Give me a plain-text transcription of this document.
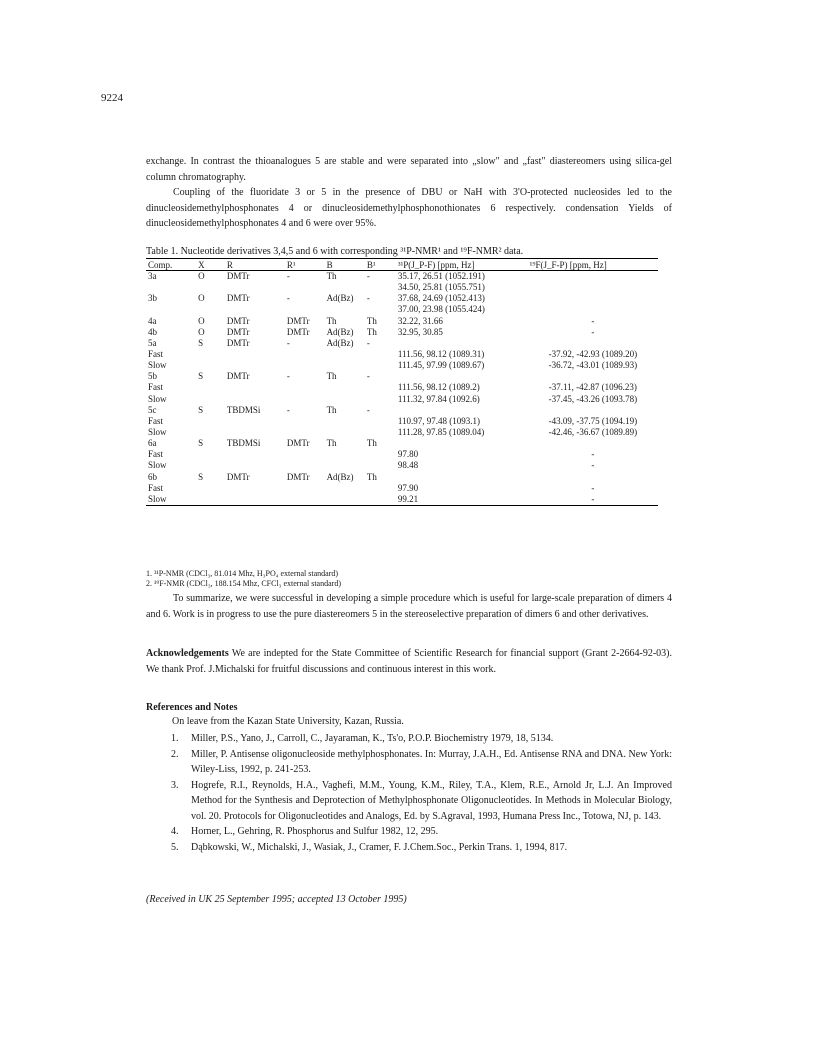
9224

exchange. In contrast the thioanalogues 5 are stable and were separated into „slow" and „fast" diastereomers using silica-gel column chromatography.

Coupling of the fluoridate 3 or 5 in the presence of DBU or NaH with 3'O-protected nucleosides led to the dinucleosidemethylphosphonates 4 or dinucleosidemethylphosphonothionates 6 respectively. condensation Yields of dinucleosidemethylphosphonates 4 and 6 were over 95%.

Table 1. Nucleotide derivatives 3,4,5 and 6 with corresponding ³¹P-NMR¹ and ¹⁹F-NMR² data.
Comp.	X	R	R¹	B	B¹	³¹P(J_P-F) [ppm, Hz]	¹⁹F(J_F-P) [ppm, Hz]
3a	O	DMTr	-	Th	-	35.17, 26.51 (1052.191)	
						34.50, 25.81 (1055.751)	
3b	O	DMTr	-	Ad(Bz)	-	37.68, 24.69 (1052.413)	
						37.00, 23.98 (1055.424)	
4a	O	DMTr	DMTr	Th	Th	32.22, 31.66	-
4b	O	DMTr	DMTr	Ad(Bz)	Th	32.95, 30.85	-
5a	S	DMTr	-	Ad(Bz)	-		
Fast						111.56, 98.12 (1089.31)	-37.92, -42.93 (1089.20)
Slow						111.45, 97.99 (1089.67)	-36.72, -43.01 (1089.93)
5b	S	DMTr	-	Th	-		
Fast						111.56, 98.12 (1089.2)	-37.11, -42.87 (1096.23)
Slow						111.32, 97.84 (1092.6)	-37.45, -43.26 (1093.78)
5c	S	TBDMSi	-	Th	-		
Fast						110.97, 97.48 (1093.1)	-43.09, -37.75 (1094.19)
Slow						111.28, 97.85 (1089.04)	-42.46, -36.67 (1089.89)
6a	S	TBDMSi	DMTr	Th	Th		
Fast						97.80	-
Slow						98.48	-
6b	S	DMTr	DMTr	Ad(Bz)	Th		
Fast						97.90	-
Slow						99.21	-
1. ³¹P-NMR (CDCl₃, 81.014 Mhz, H₃PO₄ external standard)
2. ¹⁹F-NMR (CDCl₃, 188.154 Mhz, CFCl₃ external standard)

To summarize, we were successful in developing a simple procedure which is useful for large-scale preparation of dimers 4 and 6. Work is in progress to use the pure diastereomers 5 in the stereoselective preparation of dimers 6 and other derivatives.

Acknowledgements We are indepted for the State Committee of Scientific Research for financial support (Grant 2-2664-92-03). We thank Prof. J.Michalski for fruitful discussions and continuous interest in this work.

References and Notes
On leave from the Kazan State University, Kazan, Russia.
1.	Miller, P.S., Yano, J., Carroll, C., Jayaraman, K., Ts'o, P.O.P. Biochemistry 1979, 18, 5134.
2.	Miller, P. Antisense oligonucleoside methylphosphonates. In: Murray, J.A.H., Ed. Antisense RNA and DNA. New York: Wiley-Liss, 1992, p. 241-253.
3.	Hogrefe, R.I., Reynolds, H.A., Vaghefi, M.M., Young, K.M., Riley, T.A., Klem, R.E., Arnold Jr, L.J. An Improved Method for the Synthesis and Deprotection of Methylphosphonate Oligonucleotides. In Methods in Molecular Biology, vol. 20. Protocols for Oligonucleotides and Analogs, Ed. by S.Agraval, 1993, Humana Press Inc., Totowa, NJ, p. 143.
4.	Horner, L., Gehring, R. Phosphorus and Sulfur 1982, 12, 295.
5.	Dąbkowski, W., Michalski, J., Wasiak, J., Cramer, F. J.Chem.Soc., Perkin Trans. 1, 1994, 817.
(Received in UK 25 September 1995; accepted 13 October 1995)
